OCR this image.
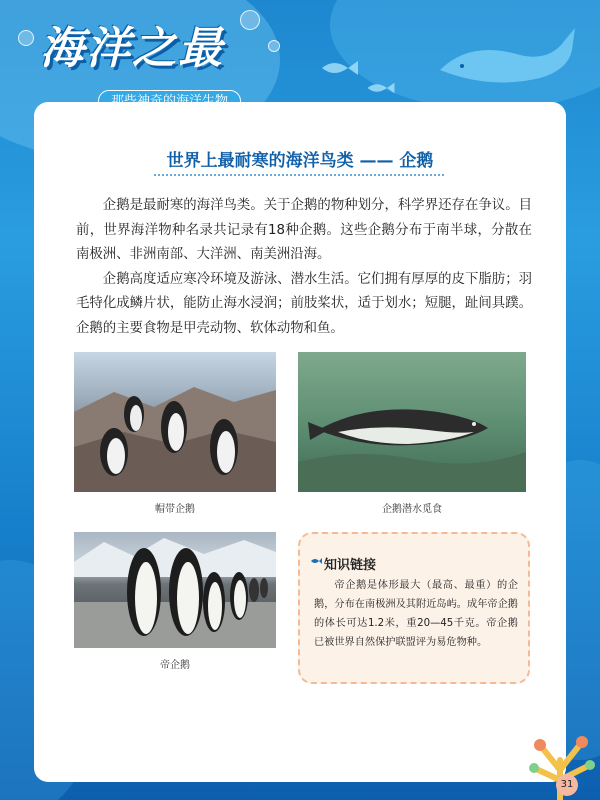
海洋之最
世界上最耐寒的海洋鸟类 —— 企鹅

企鹅是最耐寒的海洋鸟类。关于企鹅的物种划分，科学界还存在争议。目前，世界海洋物种名录共记录有18种企鹅。这些企鹅分布于南半球，分散在南极洲、非洲南部、大洋洲、南美洲沿海。

企鹅高度适应寒冷环境及游泳、潜水生活。它们拥有厚厚的皮下脂肪；羽毛特化成鳞片状，能防止海水浸润；前肢桨状，适于划水；短腿，趾间具蹼。企鹅的主要食物是甲壳动物、软体动物和鱼。

帽带企鹅	企鹅潜水觅食
帝企鹅
知识链接

帝企鹅是体形最大（最高、最重）的企鹅，分布在南极洲及其附近岛屿。成年帝企鹅的体长可达1.2米，重20—45千克。帝企鹅已被世界自然保护联盟评为易危物种。

31
